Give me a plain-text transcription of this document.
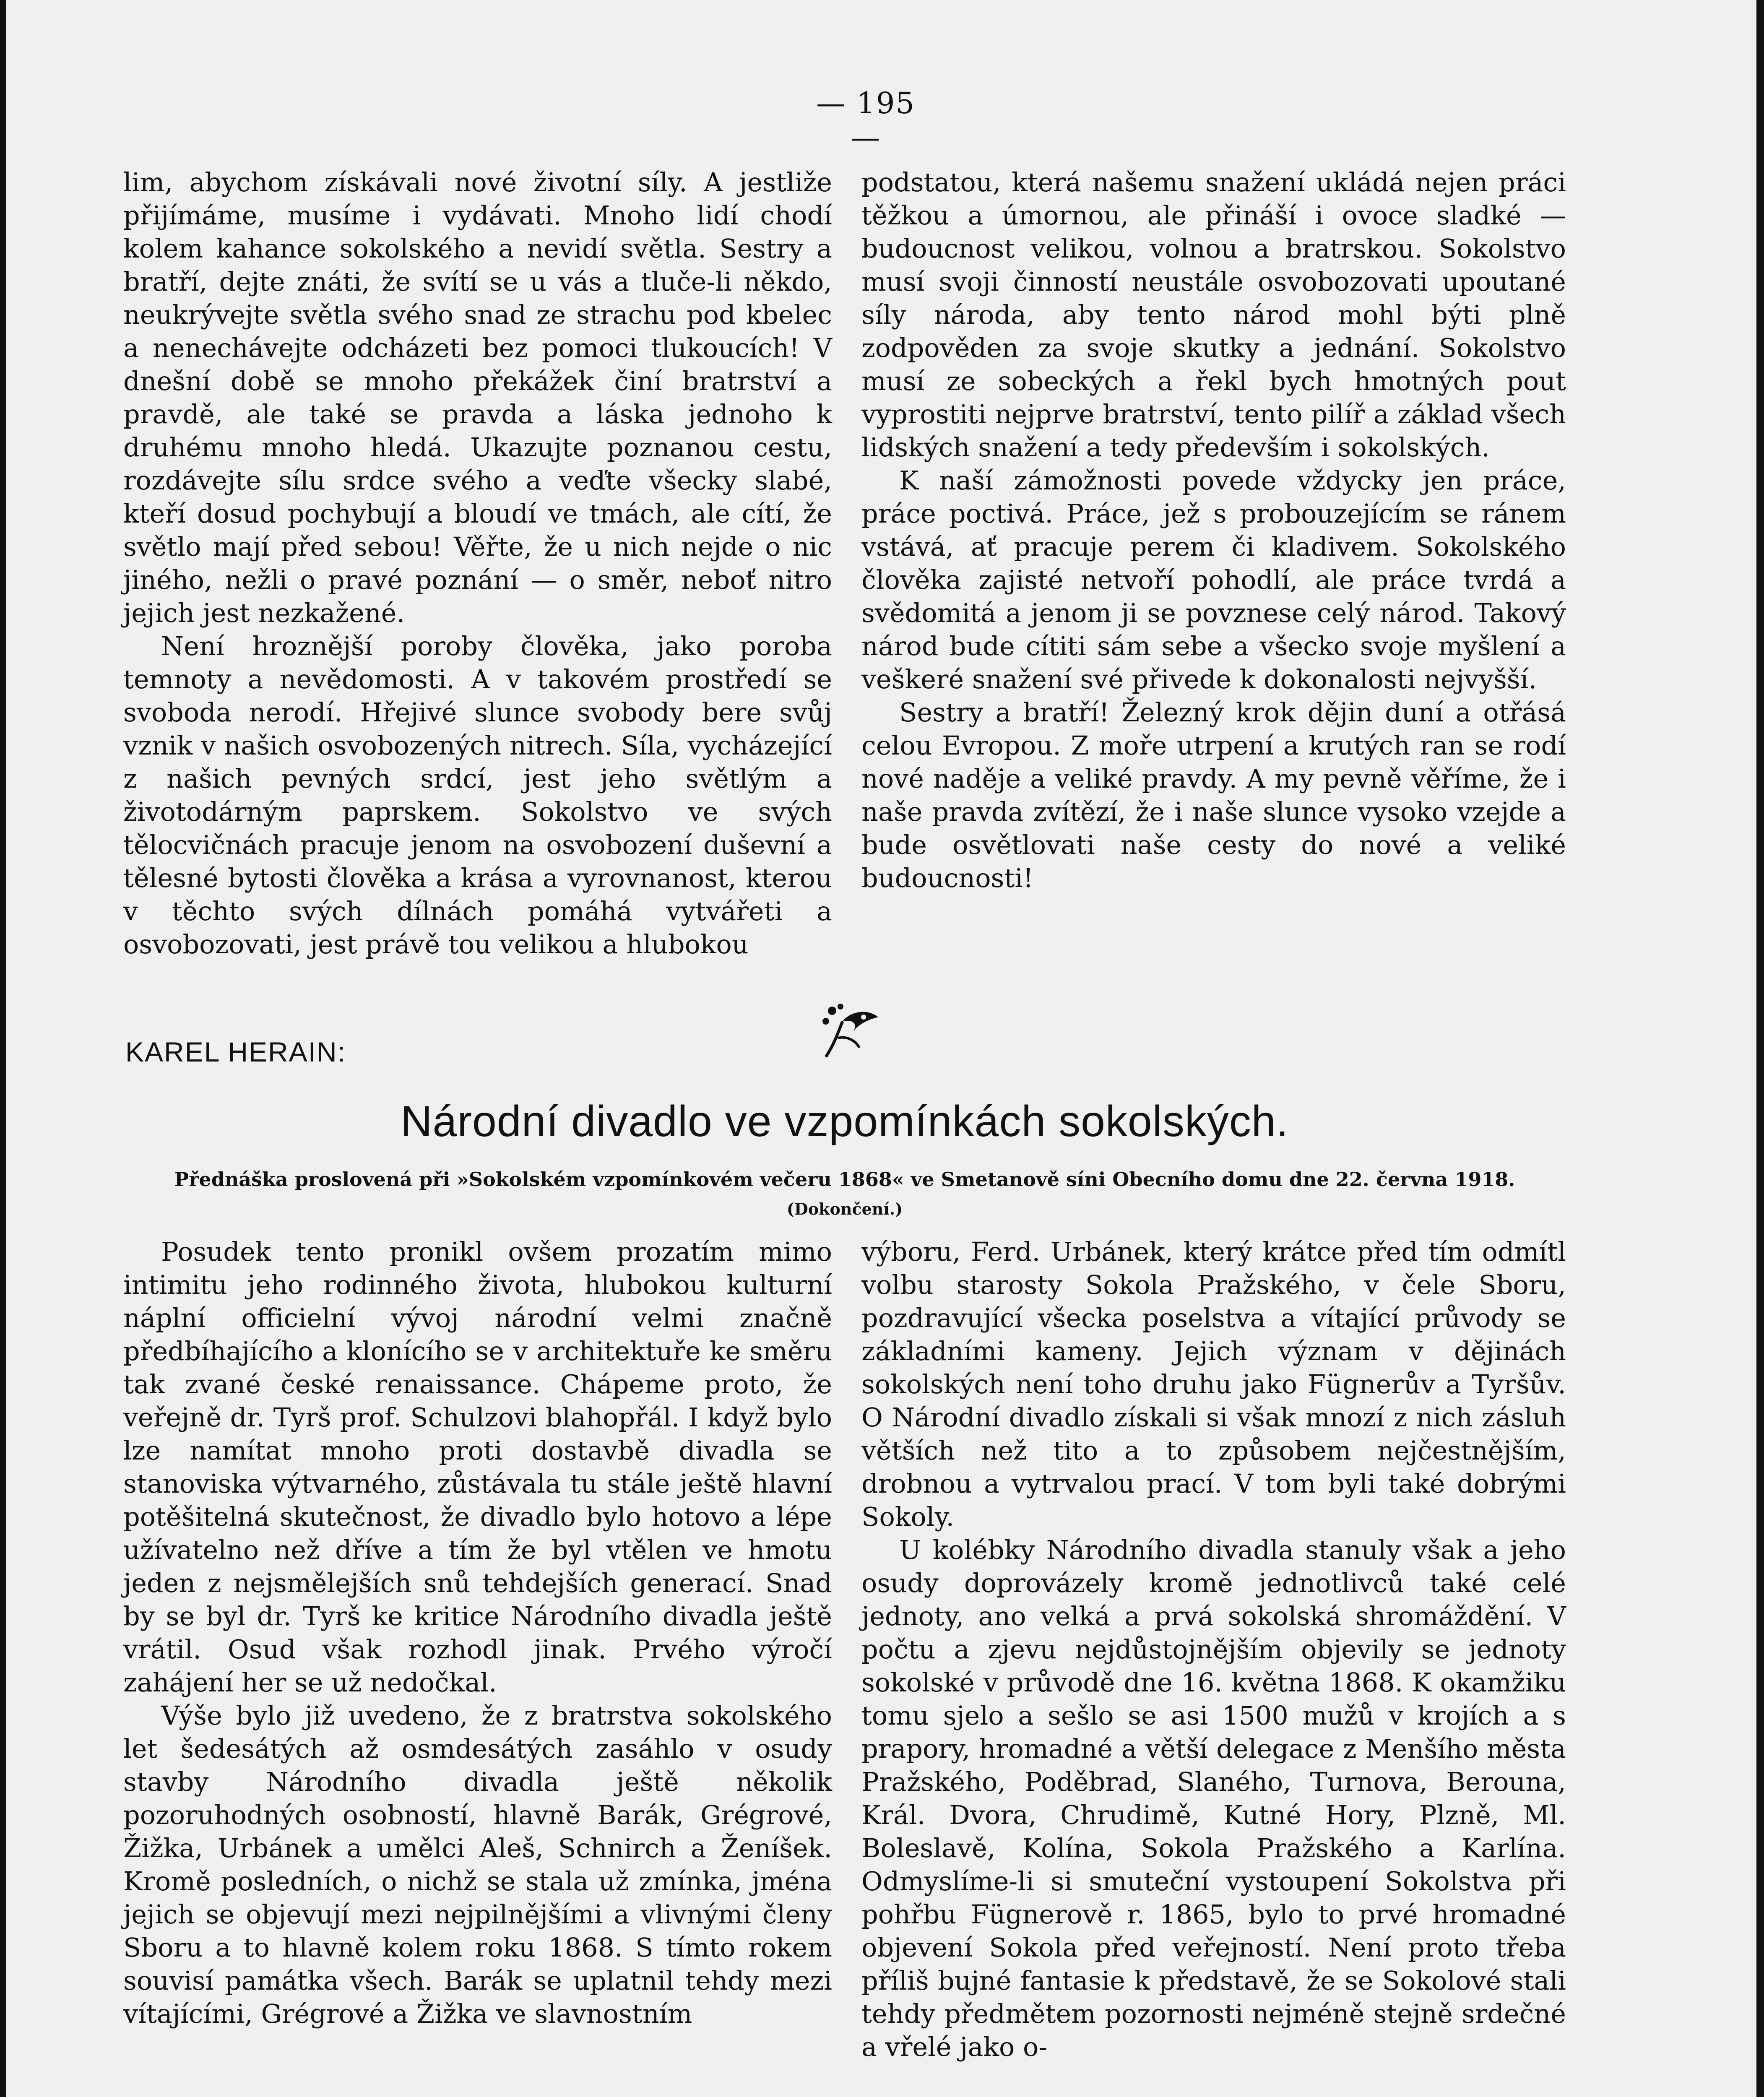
— 195 —

lim, abychom získávali nové životní síly. A jestliže přijímáme, musíme i vydávati. Mnoho lidí chodí kolem kahance sokolského a nevidí světla. Sestry a bratří, dejte znáti, že svítí se u vás a tluče-li někdo, neukrývejte světla svého snad ze strachu pod kbelec a nenechávejte odcházeti bez pomoci tlukoucích! V dnešní době se mnoho překážek činí bratrství a pravdě, ale také se pravda a láska jednoho k druhému mnoho hledá. Ukazujte poznanou cestu, rozdávejte sílu srdce svého a veďte všecky slabé, kteří dosud pochybují a bloudí ve tmách, ale cítí, že světlo mají před sebou! Věřte, že u nich nejde o nic jiného, nežli o pravé poznání — o směr, neboť nitro jejich jest nezkažené.

Není hroznější poroby člověka, jako poroba temnoty a nevědomosti. A v takovém prostředí se svoboda nerodí. Hřejivé slunce svobody bere svůj vznik v našich osvobozených nitrech. Síla, vycházející z našich pevných srdcí, jest jeho světlým a životodárným paprskem. Sokolstvo ve svých tělocvičnách pracuje jenom na osvobození duševní a tělesné bytosti člověka a krása a vyrovnanost, kterou v těchto svých dílnách pomáhá vytvářeti a osvobozovati, jest právě tou velikou a hlubokou

podstatou, která našemu snažení ukládá nejen práci těžkou a úmornou, ale přináší i ovoce sladké — budoucnost velikou, volnou a bratrskou. Sokolstvo musí svoji činností neustále osvobozovati upoutané síly národa, aby tento národ mohl býti plně zodpověden za svoje skutky a jednání. Sokolstvo musí ze sobeckých a řekl bych hmotných pout vyprostiti nejprve bratrství, tento pilíř a základ všech lidských snažení a tedy především i sokolských.

K naší zámožnosti povede vždycky jen práce, práce poctivá. Práce, jež s probouzejícím se ránem vstává, ať pracuje perem či kladivem. Sokolského člověka zajisté netvoří pohodlí, ale práce tvrdá a svědomitá a jenom ji se povznese celý národ. Takový národ bude cítiti sám sebe a všecko svoje myšlení a veškeré snažení své přivede k dokonalosti nejvyšší.

Sestry a bratří! Železný krok dějin duní a otřásá celou Evropou. Z moře utrpení a krutých ran se rodí nové naděje a veliké pravdy. A my pevně věříme, že i naše pravda zvítězí, že i naše slunce vysoko vzejde a bude osvětlovati naše cesty do nové a veliké budoucnosti!

KAREL HERAIN:
Národní divadlo ve vzpomínkách sokolských.
Přednáška proslovená při »Sokolském vzpomínkovém večeru 1868« ve Smetanově síni Obecního domu dne 22. června 1918.
(Dokončení.)

Posudek tento pronikl ovšem prozatím mimo intimitu jeho rodinného života, hlubokou kulturní náplní officielní vývoj národní velmi značně předbíhajícího a klonícího se v architektuře ke směru tak zvané české renaissance. Chápeme proto, že veřejně dr. Tyrš prof. Schulzovi blahopřál. I když bylo lze namítat mnoho proti dostavbě divadla se stanoviska výtvarného, zůstávala tu stále ještě hlavní potěšitelná skutečnost, že divadlo bylo hotovo a lépe užívatelno než dříve a tím že byl vtělen ve hmotu jeden z nejsmělejších snů tehdejších generací. Snad by se byl dr. Tyrš ke kritice Národního divadla ještě vrátil. Osud však rozhodl jinak. Prvého výročí zahájení her se už nedočkal.

Výše bylo již uvedeno, že z bratrstva sokolského let šedesátých až osmdesátých zasáhlo v osudy stavby Národního divadla ještě několik pozoruhodných osobností, hlavně Barák, Grégrové, Žižka, Urbánek a umělci Aleš, Schnirch a Ženíšek. Kromě posledních, o nichž se stala už zmínka, jména jejich se objevují mezi nejpilnějšími a vlivnými členy Sboru a to hlavně kolem roku 1868. S tímto rokem souvisí památka všech. Barák se uplatnil tehdy mezi vítajícími, Grégrové a Žižka ve slavnostním

výboru, Ferd. Urbánek, který krátce před tím odmítl volbu starosty Sokola Pražského, v čele Sboru, pozdravující všecka poselstva a vítající průvody se základními kameny. Jejich význam v dějinách sokolských není toho druhu jako Fügnerův a Tyršův. O Národní divadlo získali si však mnozí z nich zásluh větších než tito a to způsobem nejčestnějším, drobnou a vytrvalou prací. V tom byli také dobrými Sokoly.

U kolébky Národního divadla stanuly však a jeho osudy doprovázely kromě jednotlivců také celé jednoty, ano velká a prvá sokolská shromáždění. V počtu a zjevu nejdůstojnějším objevily se jednoty sokolské v průvodě dne 16. května 1868. K okamžiku tomu sjelo a sešlo se asi 1500 mužů v krojích a s prapory, hromadné a větší delegace z Menšího města Pražského, Poděbrad, Slaného, Turnova, Berouna, Král. Dvora, Chrudimě, Kutné Hory, Plzně, Ml. Boleslavě, Kolína, Sokola Pražského a Karlína. Odmyslíme-li si smuteční vystoupení Sokolstva při pohřbu Fügnerově r. 1865, bylo to prvé hromadné objevení Sokola před veřejností. Není proto třeba příliš bujné fantasie k představě, že se Sokolové stali tehdy předmětem pozornosti nejméně stejně srdečné a vřelé jako o-
